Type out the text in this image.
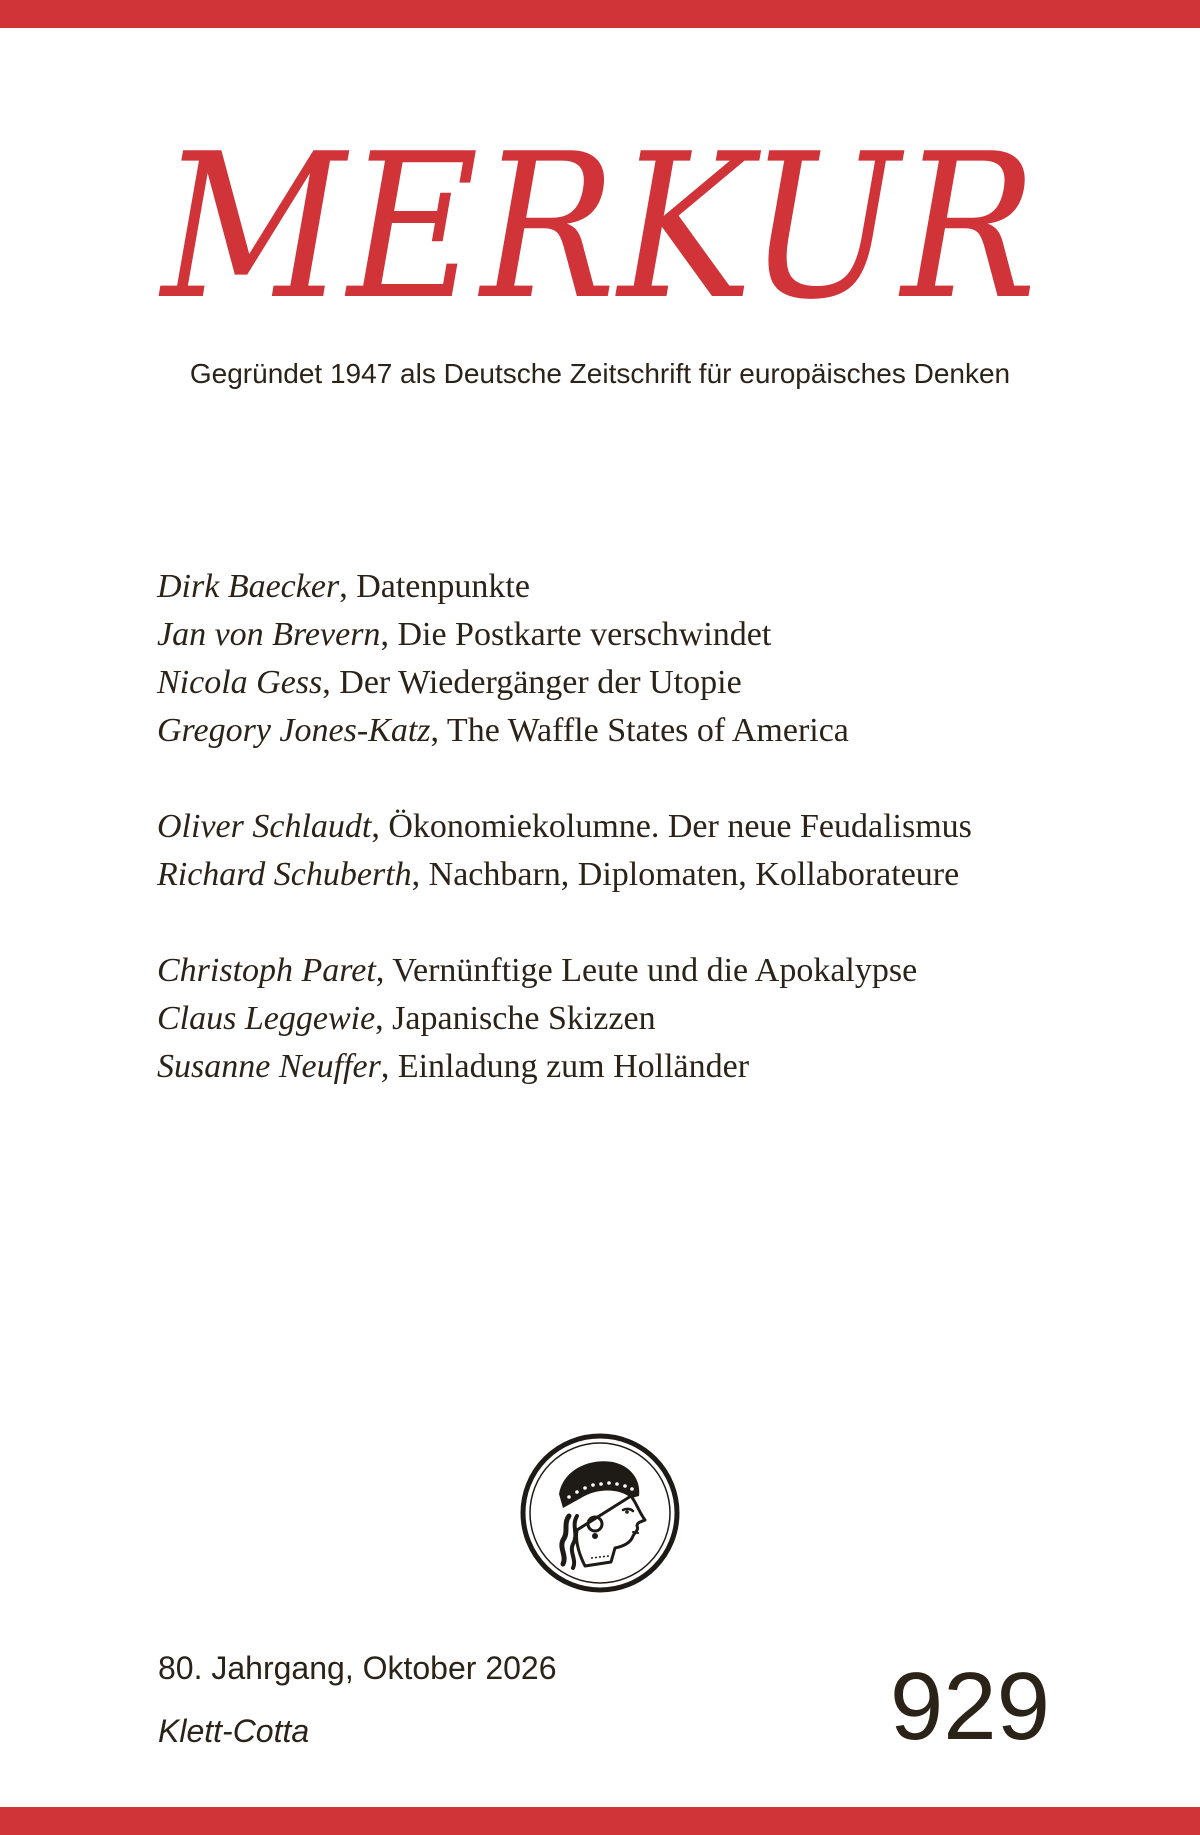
MERKUR
Gegründet 1947 als Deutsche Zeitschrift für europäisches Denken
Dirk Baecker, Datenpunkte
Jan von Brevern, Die Postkarte verschwindet
Nicola Gess, Der Wiedergänger der Utopie
Gregory Jones-Katz, The Waffle States of America
Oliver Schlaudt, Ökonomiekolumne. Der neue Feudalismus
Richard Schuberth, Nachbarn, Diplomaten, Kollaborateure
Christoph Paret, Vernünftige Leute und die Apokalypse
Claus Leggewie, Japanische Skizzen
Susanne Neuffer, Einladung zum Holländer
80. Jahrgang, Oktober 2026
Klett-Cotta	929
